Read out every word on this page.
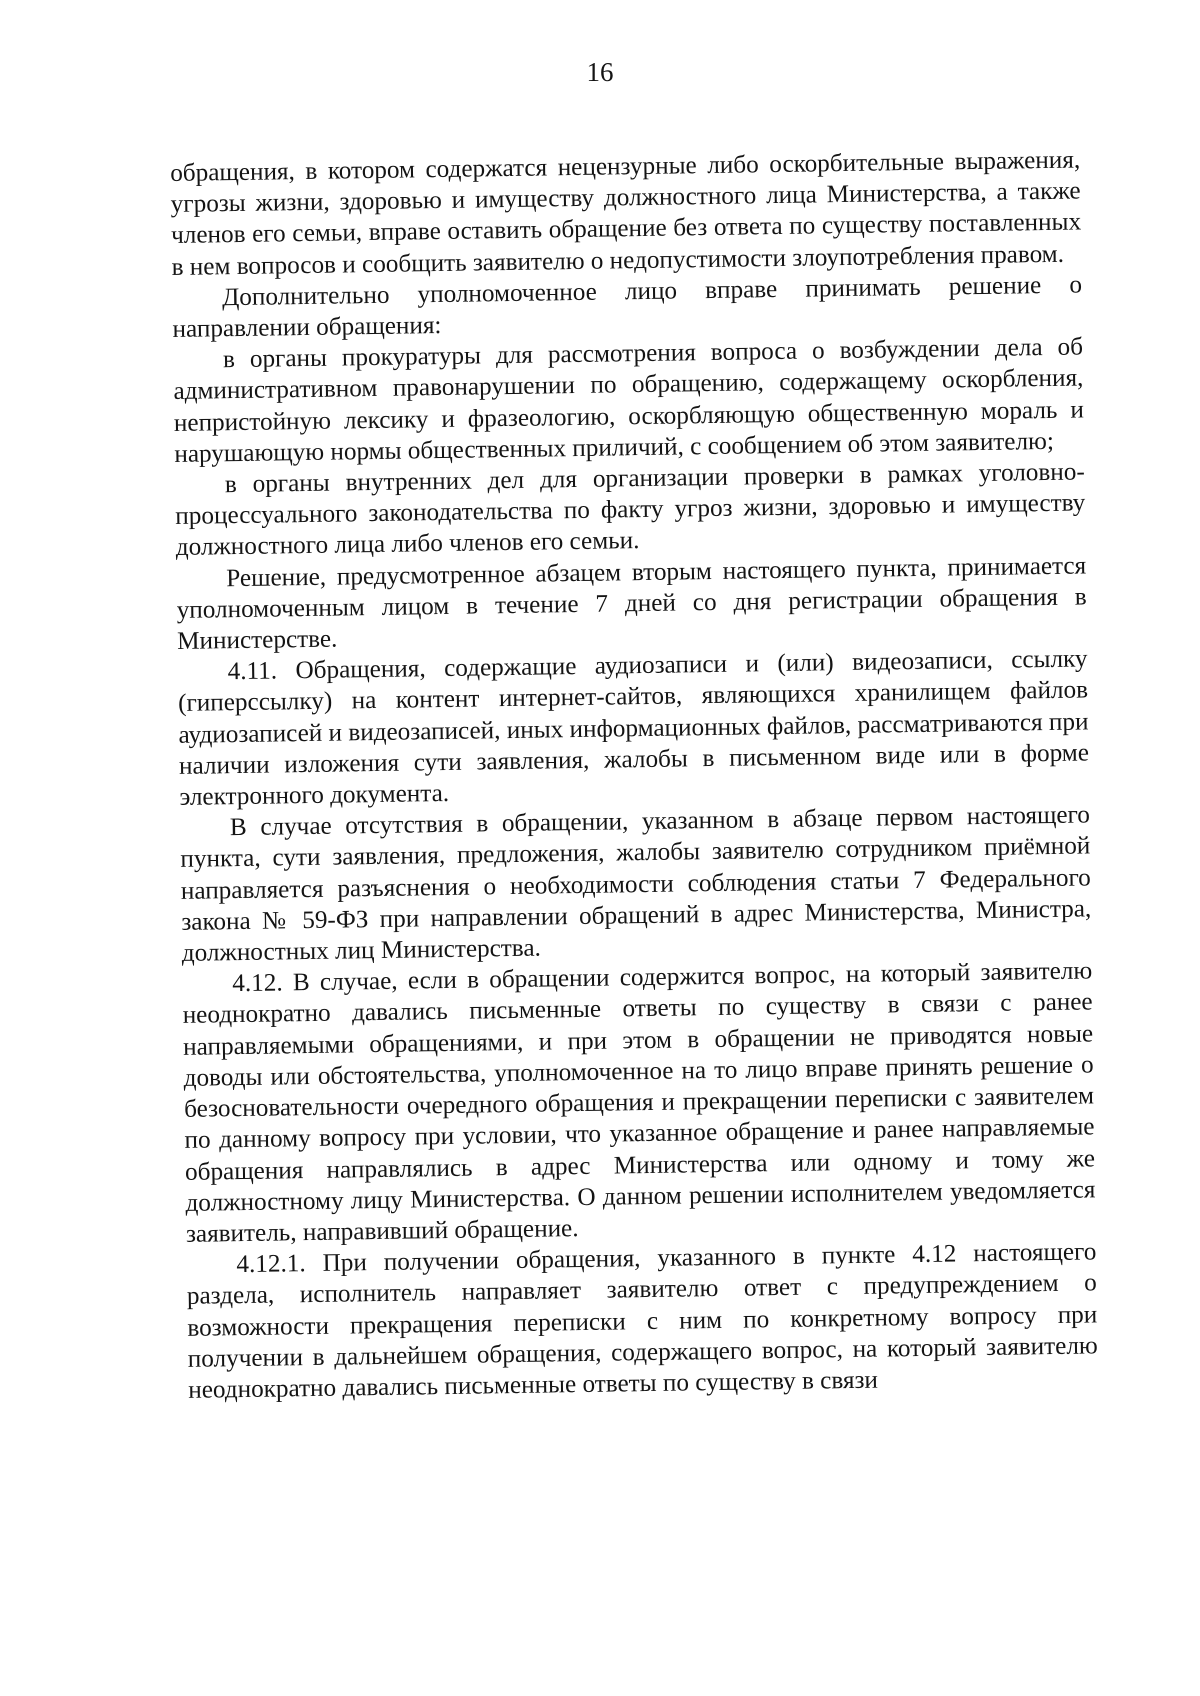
16

обращения, в котором содержатся нецензурные либо оскорбительные выражения, угрозы жизни, здоровью и имуществу должностного лица Министерства, а также членов его семьи, вправе оставить обращение без ответа по существу поставленных в нем вопросов и сообщить заявителю о недопустимости злоупотребления правом.

Дополнительно уполномоченное лицо вправе принимать решение о направлении обращения:

в органы прокуратуры для рассмотрения вопроса о возбуждении дела об административном правонарушении по обращению, содержащему оскорбления, непристойную лексику и фразеологию, оскорбляющую общественную мораль и нарушающую нормы общественных приличий, с сообщением об этом заявителю;

в органы внутренних дел для организации проверки в рамках уголовно-процессуального законодательства по факту угроз жизни, здоровью и имуществу должностного лица либо членов его семьи.

Решение, предусмотренное абзацем вторым настоящего пункта, принимается уполномоченным лицом в течение 7 дней со дня регистрации обращения в Министерстве.

4.11. Обращения, содержащие аудиозаписи и (или) видеозаписи, ссылку (гиперссылку) на контент интернет-сайтов, являющихся хранилищем файлов аудиозаписей и видеозаписей, иных информационных файлов, рассматриваются при наличии изложения сути заявления, жалобы в письменном виде или в форме электронного документа.

В случае отсутствия в обращении, указанном в абзаце первом настоящего пункта, сути заявления, предложения, жалобы заявителю сотрудником приёмной направляется разъяснения о необходимости соблюдения статьи 7 Федерального закона № 59-ФЗ при направлении обращений в адрес Министерства, Министра, должностных лиц Министерства.

4.12. В случае, если в обращении содержится вопрос, на который заявителю неоднократно давались письменные ответы по существу в связи с ранее направляемыми обращениями, и при этом в обращении не приводятся новые доводы или обстоятельства, уполномоченное на то лицо вправе принять решение о безосновательности очередного обращения и прекращении переписки с заявителем по данному вопросу при условии, что указанное обращение и ранее направляемые обращения направлялись в адрес Министерства или одному и тому же должностному лицу Министерства. О данном решении исполнителем уведомляется заявитель, направивший обращение.

4.12.1. При получении обращения, указанного в пункте 4.12 настоящего раздела, исполнитель направляет заявителю ответ с предупреждением о возможности прекращения переписки с ним по конкретному вопросу при получении в дальнейшем обращения, содержащего вопрос, на который заявителю неоднократно давались письменные ответы по существу в связи
